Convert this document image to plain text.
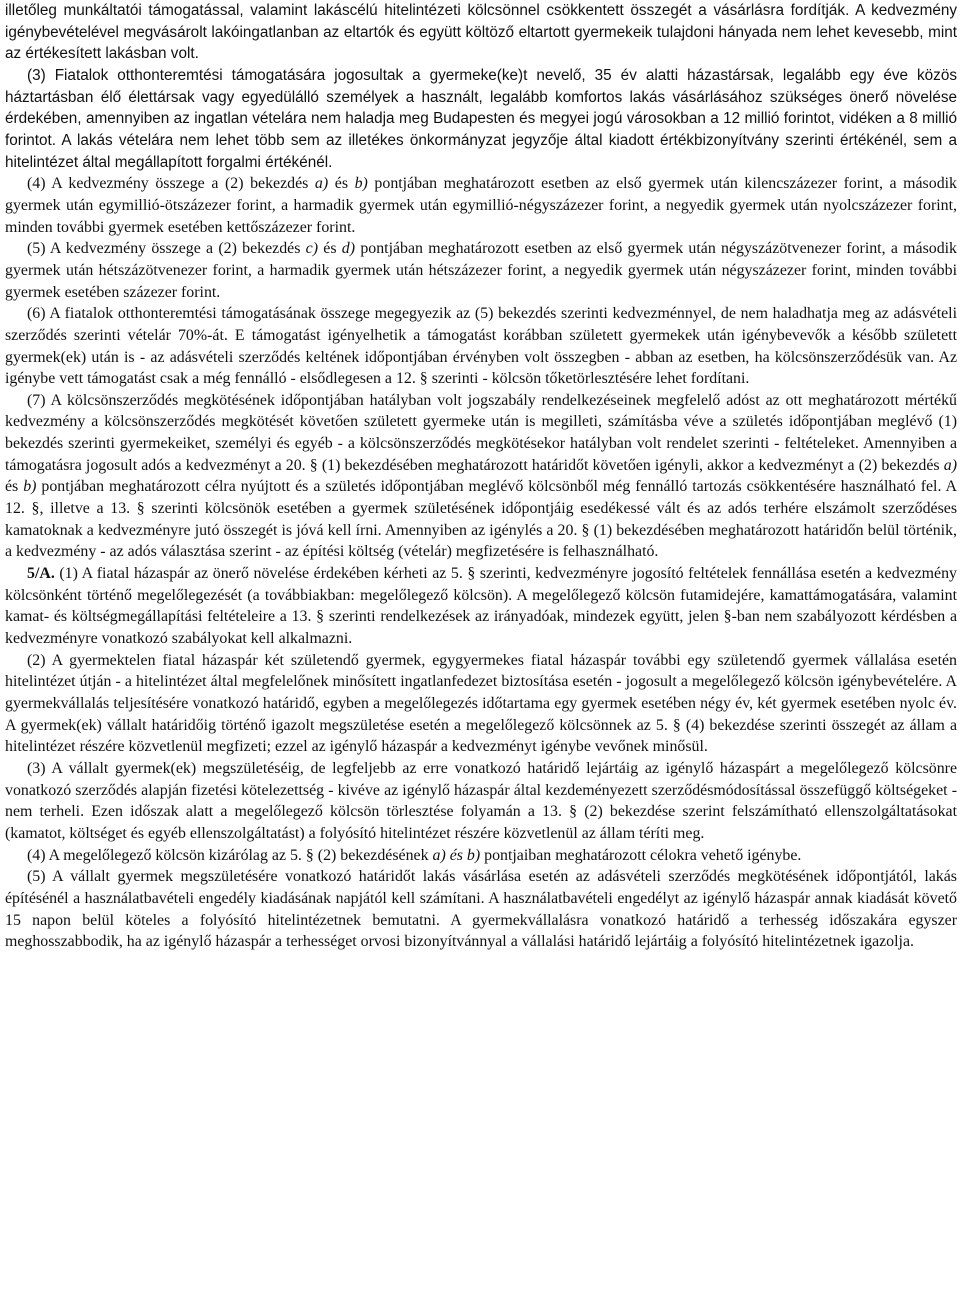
illetőleg munkáltatói támogatással, valamint lakáscélú hitelintézeti kölcsönnel csökkentett összegét a vásárlásra fordítják. A kedvezmény igénybevételével megvásárolt lakóingatlanban az eltartók és együtt költöző eltartott gyermekeik tulajdoni hányada nem lehet kevesebb, mint az értékesített lakásban volt.

(3) Fiatalok otthonteremtési támogatására jogosultak a gyermeke(ke)t nevelő, 35 év alatti házastársak, legalább egy éve közös háztartásban élő élettársak vagy egyedülálló személyek a használt, legalább komfortos lakás vásárlásához szükséges önerő növelése érdekében, amennyiben az ingatlan vételára nem haladja meg Budapesten és megyei jogú városokban a 12 millió forintot, vidéken a 8 millió forintot. A lakás vételára nem lehet több sem az illetékes önkormányzat jegyzője által kiadott értékbizonyítvány szerinti értékénél, sem a hitelintézet által megállapított forgalmi értékénél.

(4) A kedvezmény összege a (2) bekezdés a) és b) pontjában meghatározott esetben az első gyermek után kilencszázezer forint, a második gyermek után egymillió-ötszázezer forint, a harmadik gyermek után egymillió-négyszázezer forint, a negyedik gyermek után nyolcszázezer forint, minden további gyermek esetében kettőszázezer forint.

(5) A kedvezmény összege a (2) bekezdés c) és d) pontjában meghatározott esetben az első gyermek után négyszázötvenezer forint, a második gyermek után hétszázötvenezer forint, a harmadik gyermek után hétszázezer forint, a negyedik gyermek után négyszázezer forint, minden további gyermek esetében százezer forint.

(6) A fiatalok otthonteremtési támogatásának összege megegyezik az (5) bekezdés szerinti kedvezménnyel, de nem haladhatja meg az adásvételi szerződés szerinti vételár 70%-át. E támogatást igényelhetik a támogatást korábban született gyermekek után igénybevevők a később született gyermek(ek) után is - az adásvételi szerződés keltének időpontjában érvényben volt összegben - abban az esetben, ha kölcsönszerződésük van. Az igénybe vett támogatást csak a még fennálló - elsődlegesen a 12. § szerinti - kölcsön tőketörlesztésére lehet fordítani.

(7) A kölcsönszerződés megkötésének időpontjában hatályban volt jogszabály rendelkezéseinek megfelelő adóst az ott meghatározott mértékű kedvezmény a kölcsönszerződés megkötését követően született gyermeke után is megilleti, számításba véve a születés időpontjában meglévő (1) bekezdés szerinti gyermekeiket, személyi és egyéb - a kölcsönszerződés megkötésekor hatályban volt rendelet szerinti - feltételeket. Amennyiben a támogatásra jogosult adós a kedvezményt a 20. § (1) bekezdésében meghatározott határidőt követően igényli, akkor a kedvezményt a (2) bekezdés a) és b) pontjában meghatározott célra nyújtott és a születés időpontjában meglévő kölcsönből még fennálló tartozás csökkentésére használható fel. A 12. §, illetve a 13. § szerinti kölcsönök esetében a gyermek születésének időpontjáig esedékessé vált és az adós terhére elszámolt szerződéses kamatoknak a kedvezményre jutó összegét is jóvá kell írni. Amennyiben az igénylés a 20. § (1) bekezdésében meghatározott határidőn belül történik, a kedvezmény - az adós választása szerint - az építési költség (vételár) megfizetésére is felhasználható.

5/A. (1) A fiatal házaspár az önerő növelése érdekében kérheti az 5. § szerinti, kedvezményre jogosító feltételek fennállása esetén a kedvezmény kölcsönként történő megelőlegezését (a továbbiakban: megelőlegező kölcsön). A megelőlegező kölcsön futamidejére, kamattámogatására, valamint kamat- és költségmegállapítási feltételeire a 13. § szerinti rendelkezések az irányadóak, mindezek együtt, jelen §-ban nem szabályozott kérdésben a kedvezményre vonatkozó szabályokat kell alkalmazni.

(2) A gyermektelen fiatal házaspár két születendő gyermek, egygyermekes fiatal házaspár további egy születendő gyermek vállalása esetén hitelintézet útján - a hitelintézet által megfelelőnek minősített ingatlanfedezet biztosítása esetén - jogosult a megelőlegező kölcsön igénybevételére. A gyermekvállalás teljesítésére vonatkozó határidő, egyben a megelőlegezés időtartama egy gyermek esetében négy év, két gyermek esetében nyolc év. A gyermek(ek) vállalt határidőig történő igazolt megszületése esetén a megelőlegező kölcsönnek az 5. § (4) bekezdése szerinti összegét az állam a hitelintézet részére közvetlenül megfizeti; ezzel az igénylő házaspár a kedvezményt igénybe vevőnek minősül.

(3) A vállalt gyermek(ek) megszületéséig, de legfeljebb az erre vonatkozó határidő lejártáig az igénylő házaspárt a megelőlegező kölcsönre vonatkozó szerződés alapján fizetési kötelezettség - kivéve az igénylő házaspár által kezdeményezett szerződésmódosítással összefüggő költségeket - nem terheli. Ezen időszak alatt a megelőlegező kölcsön törlesztése folyamán a 13. § (2) bekezdése szerint felszámítható ellenszolgáltatásokat (kamatot, költséget és egyéb ellenszolgáltatást) a folyósító hitelintézet részére közvetlenül az állam téríti meg.

(4) A megelőlegező kölcsön kizárólag az 5. § (2) bekezdésének a) és b) pontjaiban meghatározott célokra vehető igénybe.

(5) A vállalt gyermek megszületésére vonatkozó határidőt lakás vásárlása esetén az adásvételi szerződés megkötésének időpontjától, lakás építésénél a használatbavételi engedély kiadásának napjától kell számítani. A használatbavételi engedélyt az igénylő házaspár annak kiadását követő 15 napon belül köteles a folyósító hitelintézetnek bemutatni. A gyermekvállalásra vonatkozó határidő a terhesség időszakára egyszer meghosszabbodik, ha az igénylő házaspár a terhességet orvosi bizonyítvánnyal a vállalási határidő lejártáig a folyósító hitelintézetnek igazolja.
